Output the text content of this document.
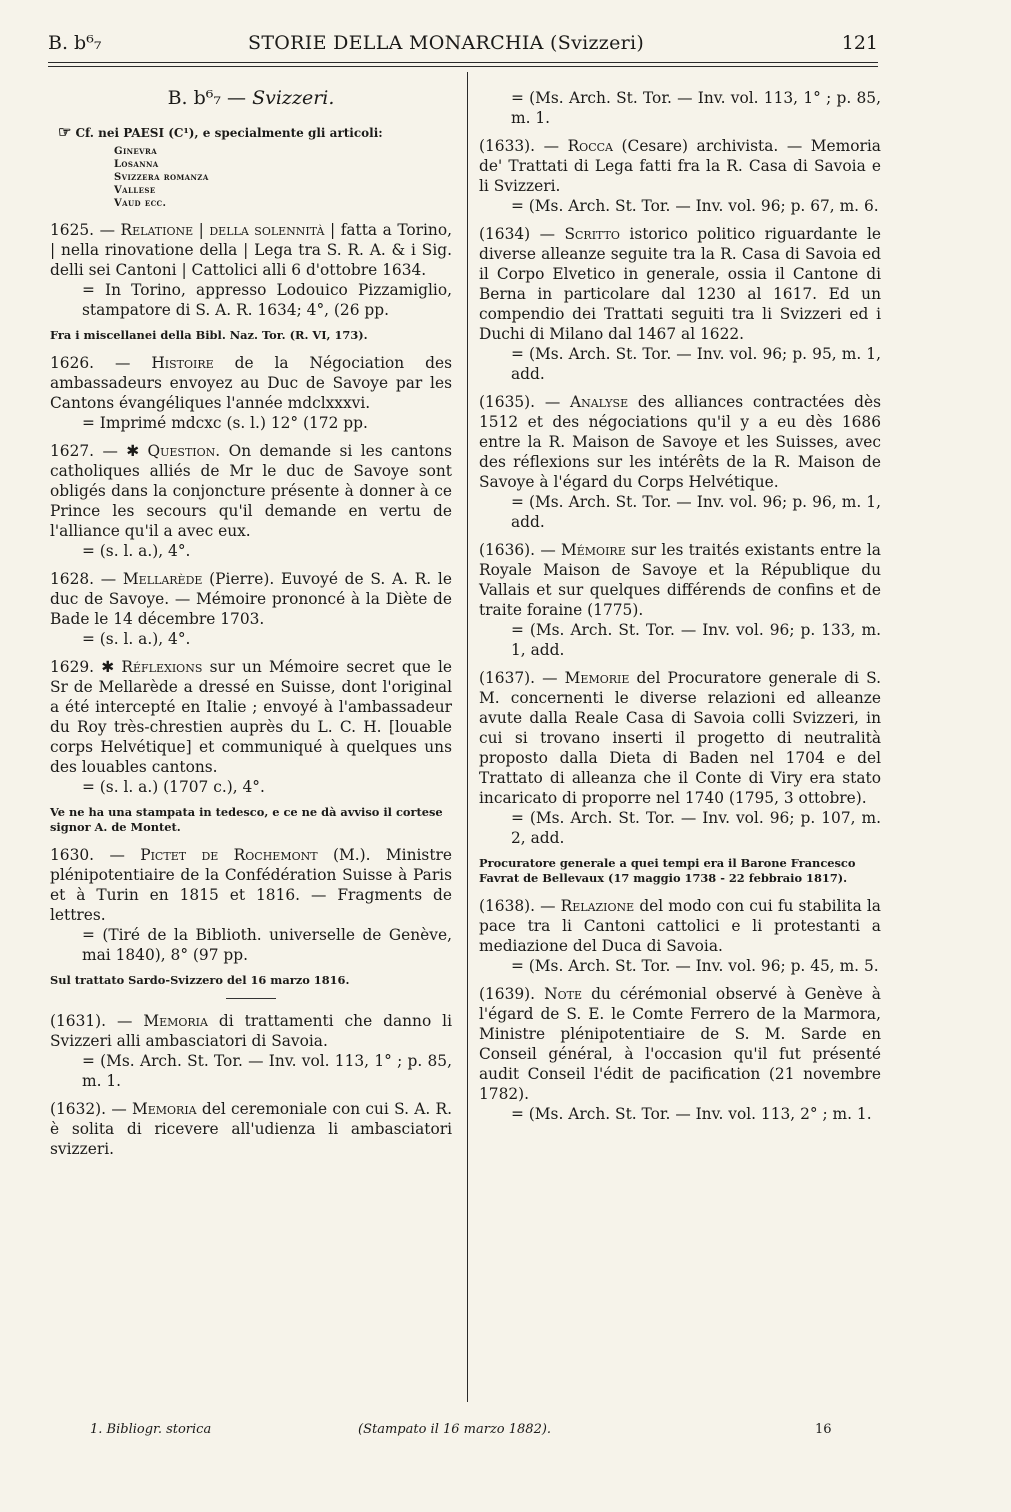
B. b⁶₇	STORIE DELLA MONARCHIA (Svizzeri)	121
B. b⁶₇ — Svizzeri.
☞ Cf. nei PAESI (C¹), e specialmente gli articoli:
Ginevra
Losanna
Svizzera romanza
Vallese
Vaud ecc.

1625. — Relatione | della solennità | fatta a Torino, | nella rinovatione della | Lega tra S. R. A. & i Sig. delli sei Cantoni | Cattolici alli 6 d'ottobre 1634.

= In Torino, appresso Lodouico Pizzamiglio, stampatore di S. A. R. 1634; 4°, (26 pp.

Fra i miscellanei della Bibl. Naz. Tor. (R. VI, 173).

1626. — Histoire de la Négociation des ambassadeurs envoyez au Duc de Savoye par les Cantons évangéliques l'année mdclxxxvi.

= Imprimé mdcxc (s. l.) 12° (172 pp.

1627. — ✱ Question. On demande si les cantons catholiques alliés de Mr le duc de Savoye sont obligés dans la conjoncture présente à donner à ce Prince les secours qu'il demande en vertu de l'alliance qu'il a avec eux.

= (s. l. a.), 4°.

1628. — Mellarède (Pierre). Euvoyé de S. A. R. le duc de Savoye. — Mémoire prononcé à la Diète de Bade le 14 décembre 1703.

= (s. l. a.), 4°.

1629. ✱ Réflexions sur un Mémoire secret que le Sr de Mellarède a dressé en Suisse, dont l'original a été intercepté en Italie ; envoyé à l'ambassadeur du Roy très-chrestien auprès du L. C. H. [louable corps Helvétique] et communiqué à quelques uns des louables cantons.

= (s. l. a.) (1707 c.), 4°.

Ve ne ha una stampata in tedesco, e ce ne dà avviso il cortese signor A. de Montet.

1630. — Pictet de Rochemont (M.). Ministre plénipotentiaire de la Confédération Suisse à Paris et à Turin en 1815 et 1816. — Fragments de lettres.

= (Tiré de la Biblioth. universelle de Genève, mai 1840), 8° (97 pp.

Sul trattato Sardo-Svizzero del 16 marzo 1816.

(1631). — Memoria di trattamenti che danno li Svizzeri alli ambasciatori di Savoia.

= (Ms. Arch. St. Tor. — Inv. vol. 113, 1° ; p. 85, m. 1.

(1632). — Memoria del ceremoniale con cui S. A. R. è solita di ricevere all'udienza li ambasciatori svizzeri.

= (Ms. Arch. St. Tor. — Inv. vol. 113, 1° ; p. 85, m. 1.

(1633). — Rocca (Cesare) archivista. — Memoria de' Trattati di Lega fatti fra la R. Casa di Savoia e li Svizzeri.

= (Ms. Arch. St. Tor. — Inv. vol. 96; p. 67, m. 6.

(1634) — Scritto istorico politico riguardante le diverse alleanze seguite tra la R. Casa di Savoia ed il Corpo Elvetico in generale, ossia il Cantone di Berna in particolare dal 1230 al 1617. Ed un compendio dei Trattati seguiti tra li Svizzeri ed i Duchi di Milano dal 1467 al 1622.

= (Ms. Arch. St. Tor. — Inv. vol. 96; p. 95, m. 1, add.

(1635). — Analyse des alliances contractées dès 1512 et des négociations qu'il y a eu dès 1686 entre la R. Maison de Savoye et les Suisses, avec des réflexions sur les intérêts de la R. Maison de Savoye à l'égard du Corps Helvétique.

= (Ms. Arch. St. Tor. — Inv. vol. 96; p. 96, m. 1, add.

(1636). — Mémoire sur les traités existants entre la Royale Maison de Savoye et la République du Vallais et sur quelques différends de confins et de traite foraine (1775).

= (Ms. Arch. St. Tor. — Inv. vol. 96; p. 133, m. 1, add.

(1637). — Memorie del Procuratore generale di S. M. concernenti le diverse relazioni ed alleanze avute dalla Reale Casa di Savoia colli Svizzeri, in cui si trovano inserti il progetto di neutralità proposto dalla Dieta di Baden nel 1704 e del Trattato di alleanza che il Conte di Viry era stato incaricato di proporre nel 1740 (1795, 3 ottobre).

= (Ms. Arch. St. Tor. — Inv. vol. 96; p. 107, m. 2, add.

Procuratore generale a quei tempi era il Barone Francesco Favrat de Bellevaux (17 maggio 1738 - 22 febbraio 1817).

(1638). — Relazione del modo con cui fu stabilita la pace tra li Cantoni cattolici e li protestanti a mediazione del Duca di Savoia.

= (Ms. Arch. St. Tor. — Inv. vol. 96; p. 45, m. 5.

(1639). Note du cérémonial observé à Genève à l'égard de S. E. le Comte Ferrero de la Marmora, Ministre plénipotentiaire de S. M. Sarde en Conseil général, à l'occasion qu'il fut présenté audit Conseil l'édit de pacification (21 novembre 1782).

= (Ms. Arch. St. Tor. — Inv. vol. 113, 2° ; m. 1.

1. Bibliogr. storica	(Stampato il 16 marzo 1882).	16
